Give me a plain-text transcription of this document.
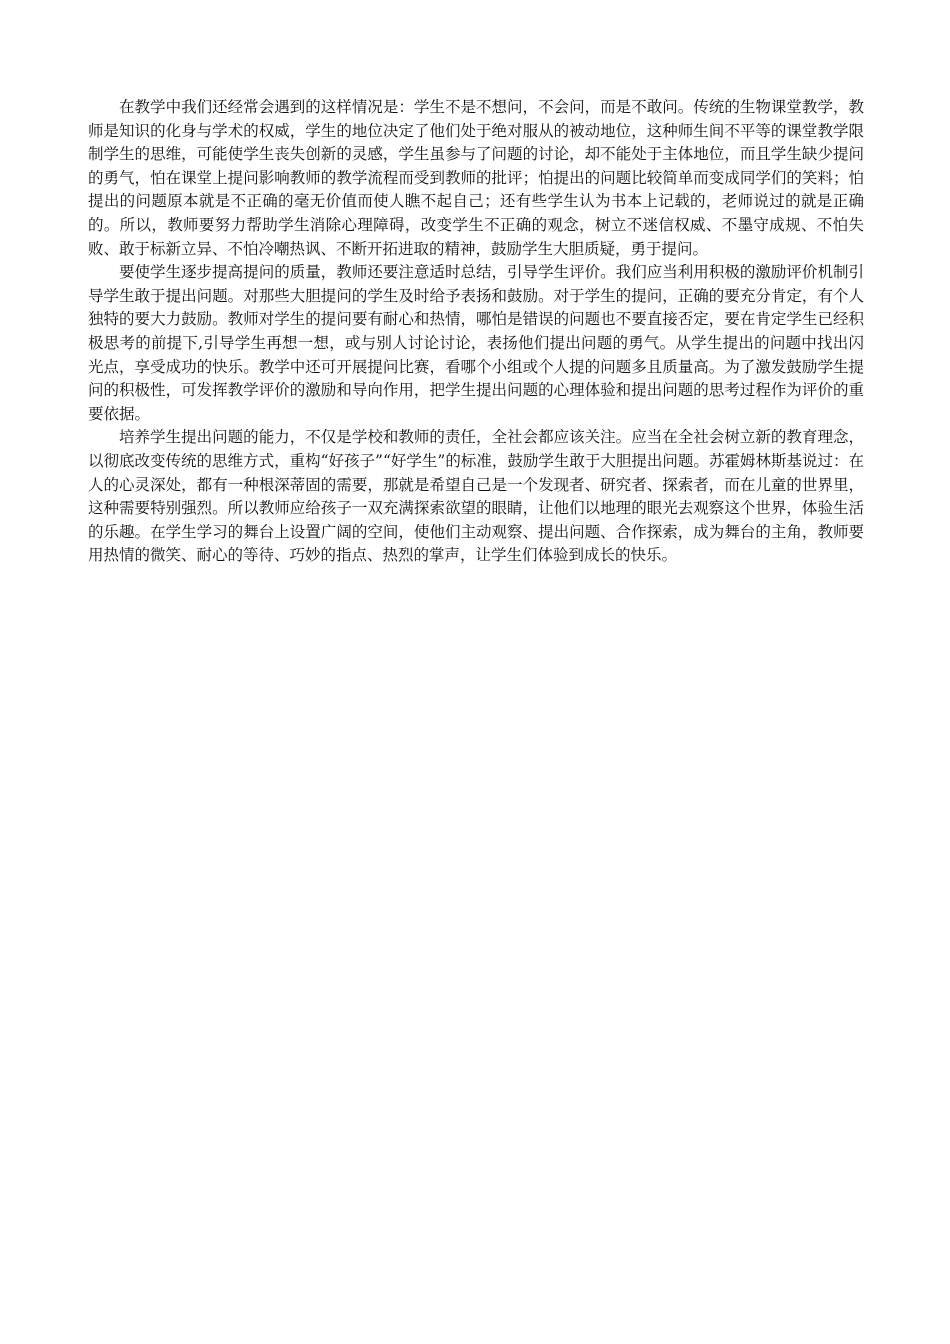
在教学中我们还经常会遇到的这样情况是：学生不是不想问，不会问，而是不敢问。传统的生物课堂教学，教师是知识的化身与学术的权威，学生的地位决定了他们处于绝对服从的被动地位，这种师生间不平等的课堂教学限制学生的思维，可能使学生丧失创新的灵感，学生虽参与了问题的讨论，却不能处于主体地位，而且学生缺少提问的勇气，怕在课堂上提问影响教师的教学流程而受到教师的批评；怕提出的问题比较简单而变成同学们的笑料；怕提出的问题原本就是不正确的毫无价值而使人瞧不起自己；还有些学生认为书本上记载的，老师说过的就是正确的。所以，教师要努力帮助学生消除心理障碍，改变学生不正确的观念，树立不迷信权威、不墨守成规、不怕失败、敢于标新立异、不怕冷嘲热讽、不断开拓进取的精神，鼓励学生大胆质疑，勇于提问。

要使学生逐步提高提问的质量，教师还要注意适时总结，引导学生评价。我们应当利用积极的激励评价机制引导学生敢于提出问题。对那些大胆提问的学生及时给予表扬和鼓励。对于学生的提问，正确的要充分肯定，有个人独特的要大力鼓励。教师对学生的提问要有耐心和热情，哪怕是错误的问题也不要直接否定，要在肯定学生已经积极思考的前提下,引导学生再想一想，或与别人讨论讨论，表扬他们提出问题的勇气。从学生提出的问题中找出闪光点，享受成功的快乐。教学中还可开展提问比赛，看哪个小组或个人提的问题多且质量高。为了激发鼓励学生提问的积极性，可发挥教学评价的激励和导向作用，把学生提出问题的心理体验和提出问题的思考过程作为评价的重要依据。

培养学生提出问题的能力，不仅是学校和教师的责任，全社会都应该关注。应当在全社会树立新的教育理念，以彻底改变传统的思维方式，重构“好孩子”“好学生”的标准，鼓励学生敢于大胆提出问题。苏霍姆林斯基说过：在人的心灵深处，都有一种根深蒂固的需要，那就是希望自己是一个发现者、研究者、探索者，而在儿童的世界里，这种需要特别强烈。所以教师应给孩子一双充满探索欲望的眼睛，让他们以地理的眼光去观察这个世界，体验生活的乐趣。在学生学习的舞台上设置广阔的空间，使他们主动观察、提出问题、合作探索，成为舞台的主角，教师要用热情的微笑、耐心的等待、巧妙的指点、热烈的掌声，让学生们体验到成长的快乐。
